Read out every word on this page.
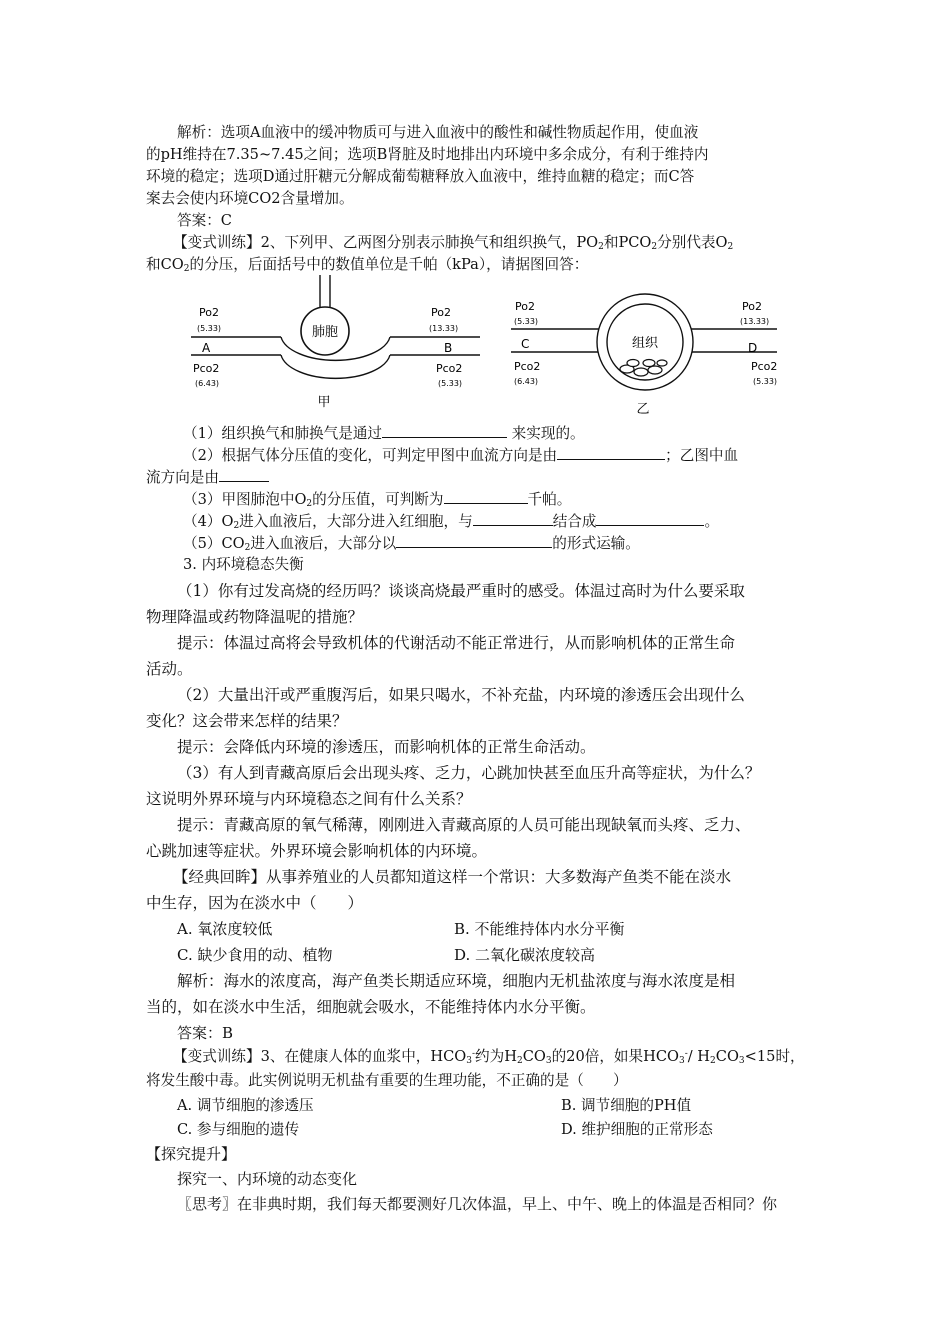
解析：选项A血液中的缓冲物质可与进入血液中的酸性和碱性物质起作用，使血液
的pH维持在7.35~7.45之间；选项B肾脏及时地排出内环境中多余成分，有利于维持内
环境的稳定；选项D通过肝糖元分解成葡萄糖释放入血液中，维持血糖的稳定；而C答
案去会使内环境CO2含量增加。
答案：C
【变式训练】2、下列甲、乙两图分别表示肺换气和组织换气，$PO_2$和$PCO_2$分别代表$O_2$
和$CO_2$的分压，后面括号中的数值单位是千帕（kPa），请据图回答：
肺胞
Po2
(5.33)
A
Pco2
(6.43)
Po2
(13.33)
B
Pco2
(5.33)
甲
组织
Po2
(5.33)
C
Pco2
(6.43)
Po2
(13.33)
D
Pco2
(5.33)
乙
（1）组织换气和肺换气是通过	来实现的。
（2）根据气体分压值的变化，可判定甲图中血流方向是由	；乙图中血
流方向是由
（3）甲图肺泡中$O_2$的分压值，可判断为	千帕。
$(4)O_2$进入血液后，大部分进入红细胞，与	结合成	。
$(5)CO_2$进入血液后，大部分以	的形式运输。
3. 内环境稳态失衡
（1）你有过发高烧的经历吗？谈谈高烧最严重时的感受。体温过高时为什么要采取
物理降温或药物降温呢的措施？
提示：体温过高将会导致机体的代谢活动不能正常进行，从而影响机体的正常生命
活动。
（2）大量出汗或严重腹泻后，如果只喝水，不补充盐，内环境的渗透压会出现什么
变化？这会带来怎样的结果？
提示：会降低内环境的渗透压，而影响机体的正常生命活动。
（3）有人到青藏高原后会出现头疼、乏力，心跳加快甚至血压升高等症状，为什么？
这说明外界环境与内环境稳态之间有什么关系？
提示：青藏高原的氧气稀薄，刚刚进入青藏高原的人员可能出现缺氧而头疼、乏力、
心跳加速等症状。外界环境会影响机体的内环境。
【经典回眸】从事养殖业的人员都知道这样一个常识：大多数海产鱼类不能在淡水
中生存，因为在淡水中（　　）
A. 氧浓度较低	B. 不能维持体内水分平衡
C. 缺少食用的动、植物	D. 二氧化碳浓度较高
解析：海水的浓度高，海产鱼类长期适应环境，细胞内无机盐浓度与海水浓度是相
当的，如在淡水中生活，细胞就会吸水，不能维持体内水分平衡。
答案：B
【变式训练】3、在健康人体的血浆中，$HCO_3^-$约为$H_2CO_3$的20倍，如果$HCO_3^-/$ $H_2CO_3<15$时，
将发生酸中毒。此实例说明无机盐有重要的生理功能，不正确的是（　　）
A. 调节细胞的渗透压	B. 调节细胞的PH值
C. 参与细胞的遗传	D. 维护细胞的正常形态
【探究提升】
探究一、内环境的动态变化
〖思考〗在非典时期，我们每天都要测好几次体温，早上、中午、晚上的体温是否相同？你
